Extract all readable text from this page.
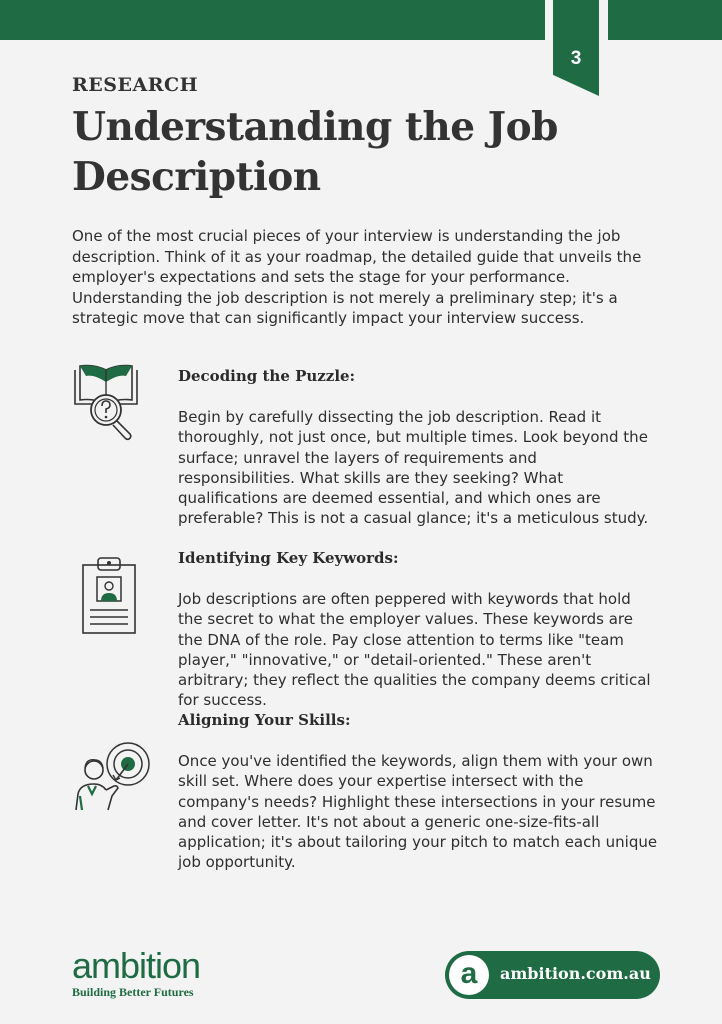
3
RESEARCH
Understanding the Job Description

One of the most crucial pieces of your interview is understanding the job description. Think of it as your roadmap, the detailed guide that unveils the employer's expectations and sets the stage for your performance. Understanding the job description is not merely a preliminary step; it's a strategic move that can significantly impact your interview success.

Decoding the Puzzle:

Begin by carefully dissecting the job description. Read it thoroughly, not just once, but multiple times. Look beyond the surface; unravel the layers of requirements and responsibilities. What skills are they seeking? What qualifications are deemed essential, and which ones are preferable? This is not a casual glance; it's a meticulous study.

Identifying Key Keywords:

Job descriptions are often peppered with keywords that hold the secret to what the employer values. These keywords are the DNA of the role. Pay close attention to terms like "team player," "innovative," or "detail-oriented." These aren't arbitrary; they reflect the qualities the company deems critical for success.

Aligning Your Skills:

Once you've identified the keywords, align them with your own skill set. Where does your expertise intersect with the company's needs? Highlight these intersections in your resume and cover letter. It's not about a generic one-size-fits-all application; it's about tailoring your pitch to match each unique job opportunity.

ambition
Building Better Futures
a	ambition.com.au
